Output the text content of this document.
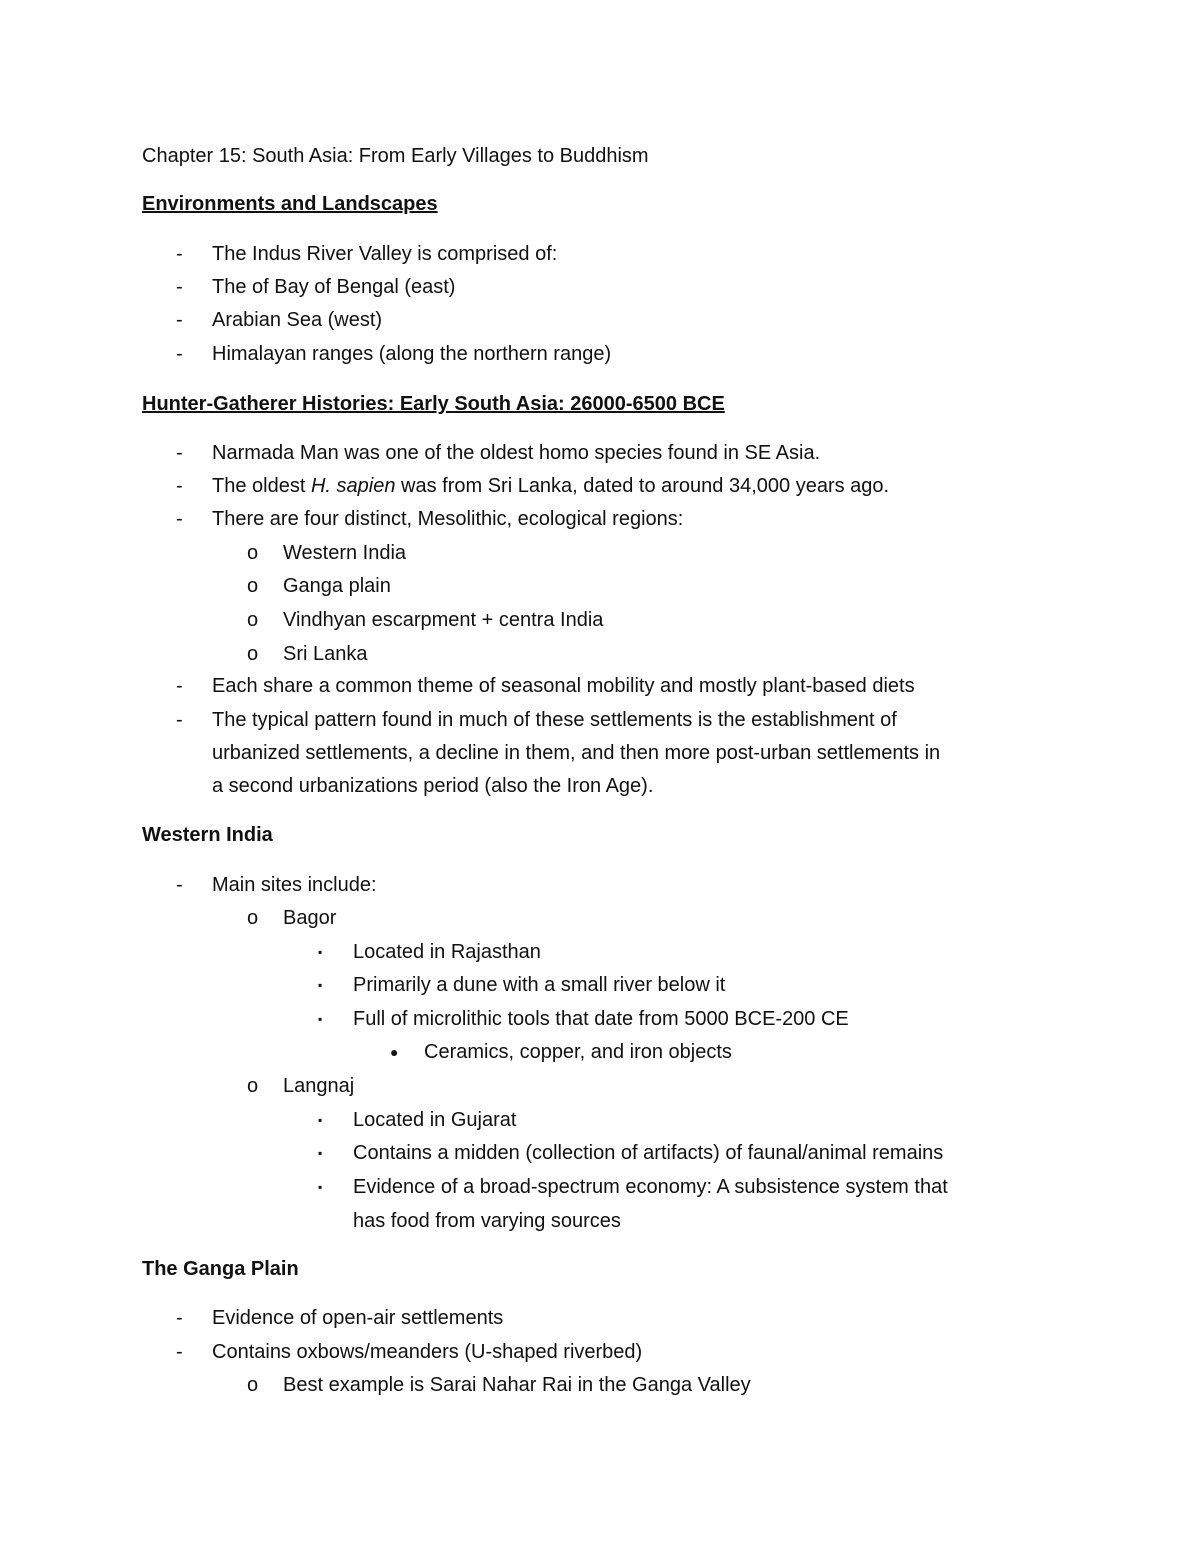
Chapter 15: South Asia: From Early Villages to Buddhism
Environments and Landscapes
- The Indus River Valley is comprised of:
- The of Bay of Bengal (east)
- Arabian Sea (west)
- Himalayan ranges (along the northern range)
Hunter-Gatherer Histories: Early South Asia: 26000-6500 BCE
- Narmada Man was one of the oldest homo species found in SE Asia.
- The oldest H. sapien was from Sri Lanka, dated to around 34,000 years ago.
- There are four distinct, Mesolithic, ecological regions:
o Western India
o Ganga plain
o Vindhyan escarpment + centra India
o Sri Lanka
- Each share a common theme of seasonal mobility and mostly plant-based diets
- The typical pattern found in much of these settlements is the establishment of
urbanized settlements, a decline in them, and then more post-urban settlements in
a second urbanizations period (also the Iron Age).
Western India
- Main sites include:
o Bagor
▪ Located in Rajasthan
▪ Primarily a dune with a small river below it
▪ Full of microlithic tools that date from 5000 BCE-200 CE
● Ceramics, copper, and iron objects
o Langnaj
▪ Located in Gujarat
▪ Contains a midden (collection of artifacts) of faunal/animal remains
▪ Evidence of a broad-spectrum economy: A subsistence system that
has food from varying sources
The Ganga Plain
- Evidence of open-air settlements
- Contains oxbows/meanders (U-shaped riverbed)
o Best example is Sarai Nahar Rai in the Ganga Valley
